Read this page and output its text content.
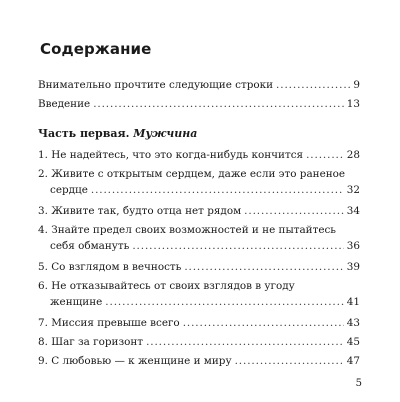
Содержание
Внимательно прочтите следующие строки . . .	9
Введение . . .	13
Часть первая. Мужчина
1. Не надейтесь, что это когда-нибудь кончится . . .	28
2. Живите с открытым сердцем, даже если это раненое
сердце . . .	32
3. Живите так, будто отца нет рядом . . .	34
4. Знайте предел своих возможностей и не пытайтесь
себя обмануть . . .	36
5. Со взглядом в вечность . . .	39
6. Не отказывайтесь от своих взглядов в угоду
женщине . . .	41
7. Миссия превыше всего . . .	43
8. Шаг за горизонт . . .	45
9. С любовью — к женщине и миру . . .	47
5
